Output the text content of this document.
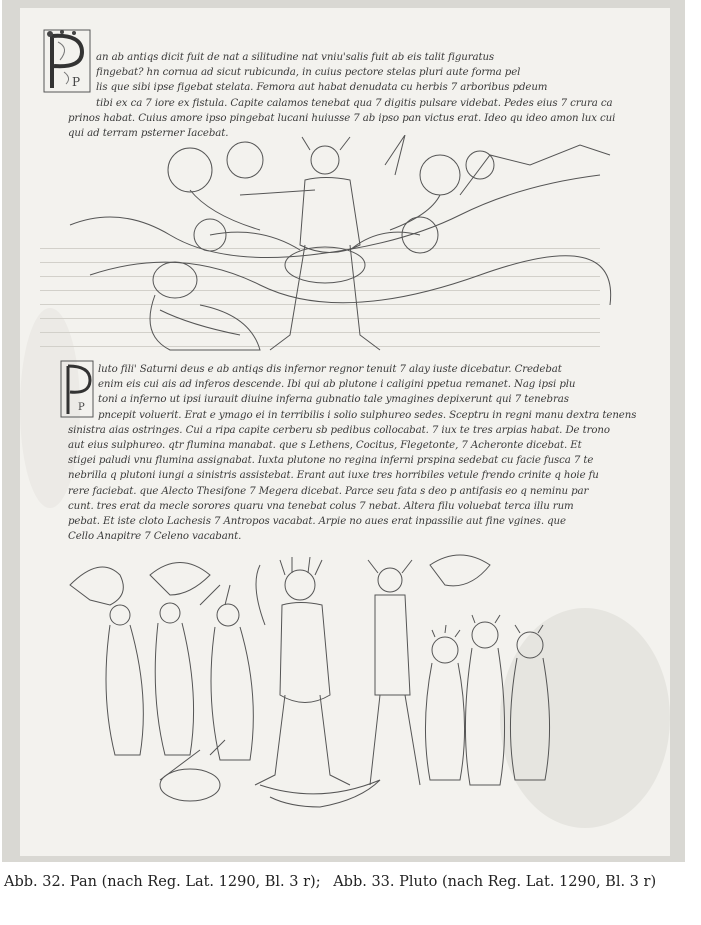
P
an ab antiqs dicit fuit de nat a silitudine nat vniu'salis fuit ab eis talit figuratus
fingebat? hn cornua ad sicut rubicunda, in cuius pectore stelas pluri aute forma pel
lis que sibi ipse figebat stelata. Femora aut habat denudata cu herbis 7 arboribus pdeum
tibi ex ca 7 iore ex fistula. Capite calamos tenebat qua 7 digitis pulsare videbat. Pedes eius 7 crura ca
prinos habat. Cuius amore ipso pingebat lucani huiusse 7 ab ipso pan victus erat. Ideo qu ideo amon lux cui
qui ad terram psterner Iacebat.
P
luto fili' Saturni deus e ab antiqs dis infernor regnor tenuit 7 alay iuste dicebatur. Credebat
enim eis cui ais ad inferos descende. Ibi qui ab plutone i caligini ppetua remanet. Nag ipsi plu
toni a inferno ut ipsi iurauit diuine inferna gubnatio tale ymagines depixerunt qui 7 tenebras
pncepit voluerit. Erat e ymago ei in terribilis i solio sulphureo sedes. Sceptru in regni manu dextra tenens
sinistra aias ostringes. Cui a ripa capite cerberu sb pedibus collocabat. 7 iux te tres arpias habat. De trono
aut eius sulphureo. qtr flumina manabat. que s Lethens, Cocitus, Flegetonte, 7 Acheronte dicebat. Et
stigei paludi vnu flumina assignabat. Iuxta plutone no regina inferni prspina sedebat cu facie fusca 7 te
nebrilla q plutoni iungi a sinistris assistebat. Erant aut iuxe tres horribiles vetule frendo crinite q hoie fu
rere faciebat. que Alecto Thesifone 7 Megera dicebat. Parce seu fata s deo p antifasis eo q neminu par
cunt. tres erat da mecle sorores quaru vna tenebat colus 7 nebat. Altera filu voluebat terca illu rum
pebat. Et iste cloto Lachesis 7 Antropos vacabat. Arpie no aues erat inpassilie aut fine vgines. que
Cello Anapitre 7 Celeno vacabant.
Abb. 32. Pan (nach Reg. Lat. 1290, Bl. 3 r); Abb. 33. Pluto (nach Reg. Lat. 1290, Bl. 3 r)
